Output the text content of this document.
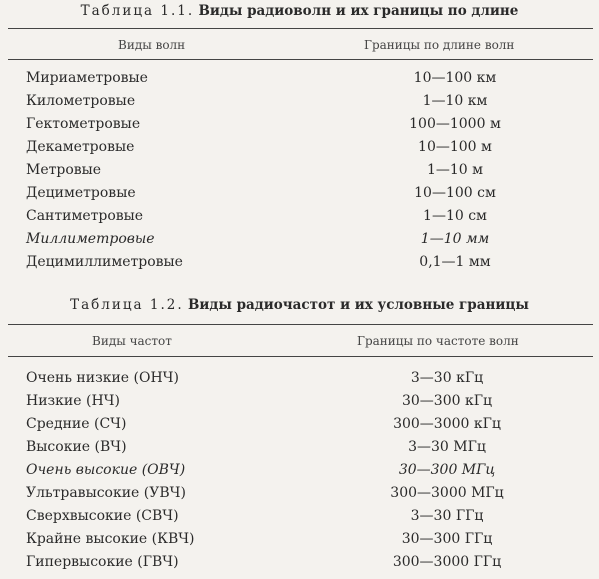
Таблица 1.1. Виды радиоволн и их границы по длине
Виды волн	Границы по длине волн
Мириаметровые	10—100 км
Километровые	1—10 км
Гектометровые	100—1000 м
Декаметровые	10—100 м
Метровые	1—10 м
Дециметровые	10—100 см
Сантиметровые	1—10 см
Миллиметровые	1—10 мм
Децимиллиметровые	0,1—1 мм
Таблица 1.2. Виды радиочастот и их условные границы
Виды частот	Границы по частоте волн
Очень низкие (ОНЧ)	3—30 кГц
Низкие (НЧ)	30—300 кГц
Средние (СЧ)	300—3000 кГц
Высокие (ВЧ)	3—30 МГц
Очень высокие (ОВЧ)	30—300 МГц
Ультравысокие (УВЧ)	300—3000 МГц
Сверхвысокие (СВЧ)	3—30 ГГц
Крайне высокие (КВЧ)	30—300 ГГц
Гипервысокие (ГВЧ)	300—3000 ГГц
